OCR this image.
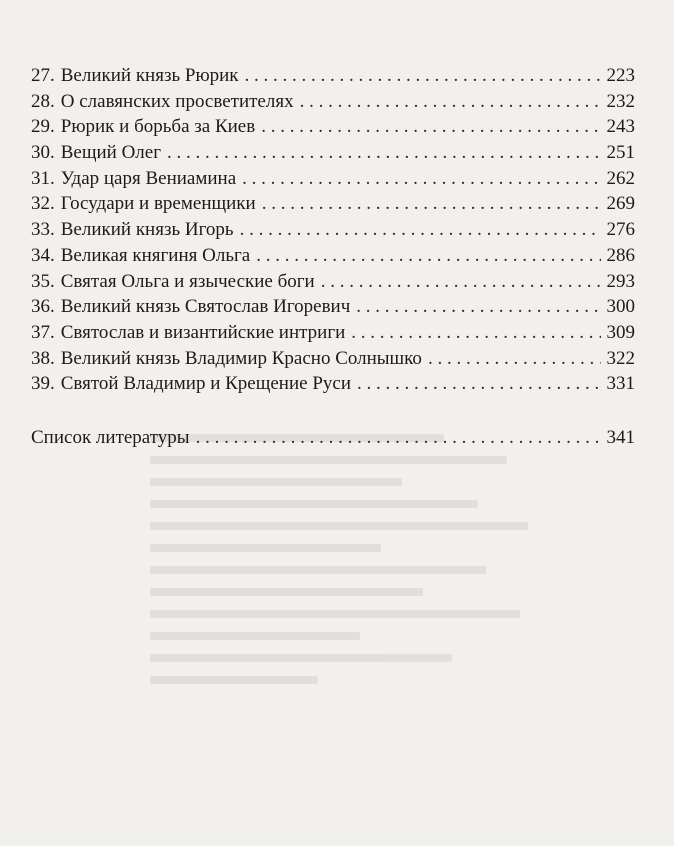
27. Великий князь Рюрик . . .	223
28. О славянских просветителях . . .	232
29. Рюрик и борьба за Киев . . .	243
30. Вещий Олег . . .	251
31. Удар царя Вениамина . . .	262
32. Государи и временщики . . .	269
33. Великий князь Игорь . . .	276
34. Великая княгиня Ольга . . .	286
35. Святая Ольга и языческие боги . . .	293
36. Великий князь Святослав Игоревич . . .	300
37. Святослав и византийские интриги . . .	309
38. Великий князь Владимир Красно Солнышко . . .	322
39. Святой Владимир и Крещение Руси . . .	331
Список литературы . . .	341
